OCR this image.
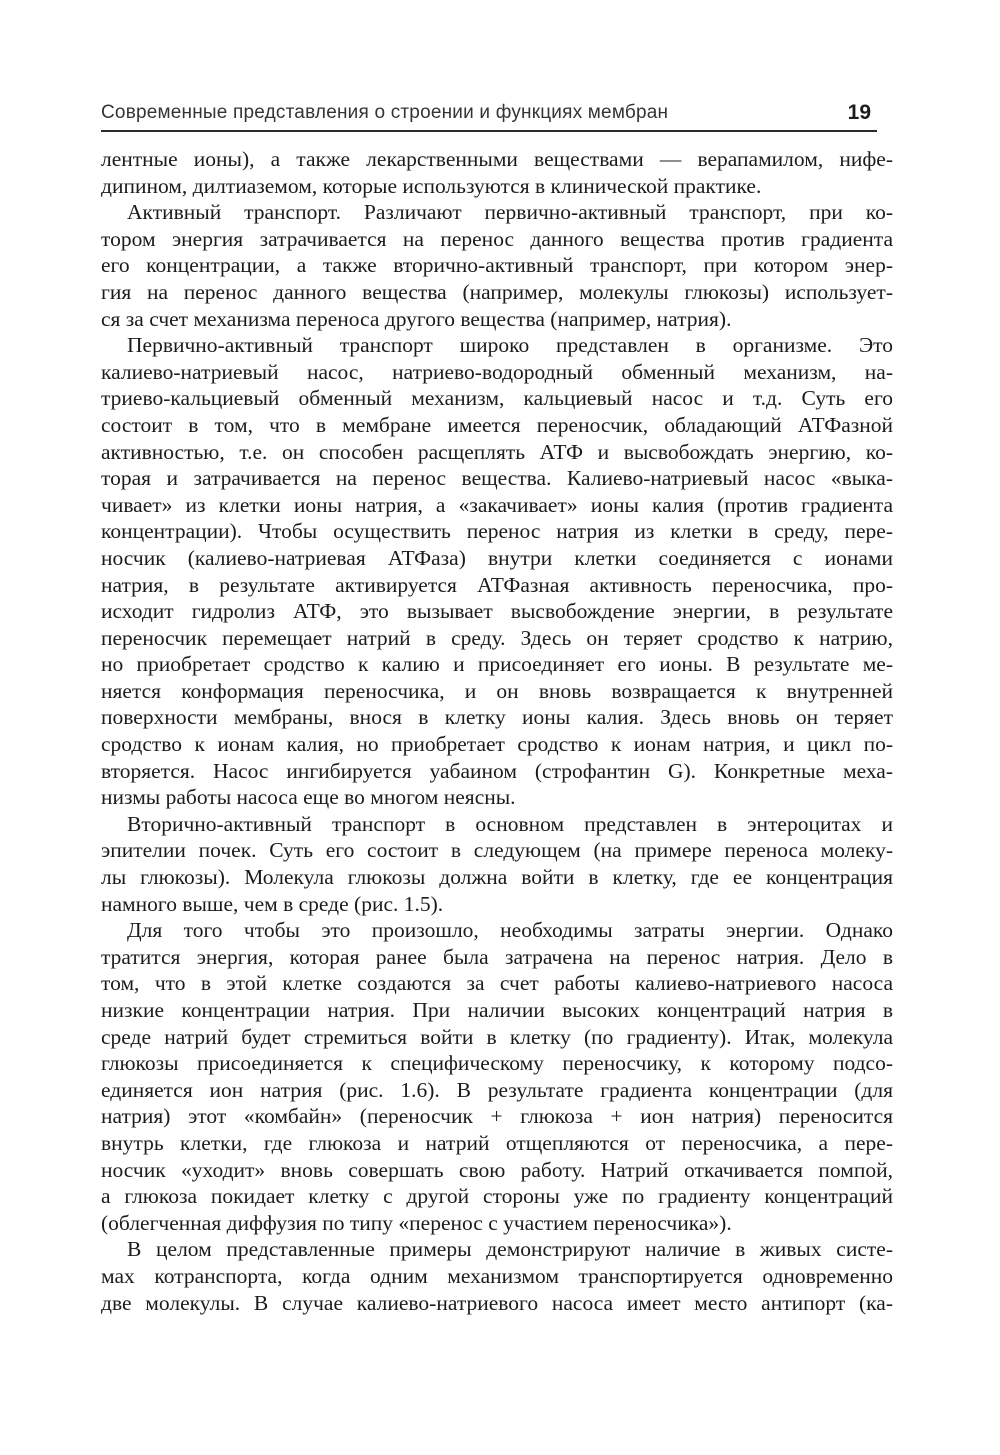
Современные представления о строении и функциях мембран	19
лентные ионы), а также лекарственными веществами — верапамилом, нифе-
дипином, дилтиаземом, которые используются в клинической практике.
Активный транспорт. Различают первично-активный транспорт, при ко-
тором энергия затрачивается на перенос данного вещества против градиента
его концентрации, а также вторично-активный транспорт, при котором энер-
гия на перенос данного вещества (например, молекулы глюкозы) использует-
ся за счет механизма переноса другого вещества (например, натрия).
Первично-активный транспорт широко представлен в организме. Это
калиево-натриевый насос, натриево-водородный обменный механизм, на-
триево-кальциевый обменный механизм, кальциевый насос и т.д. Суть его
состоит в том, что в мембране имеется переносчик, обладающий АТФазной
активностью, т.е. он способен расщеплять АТФ и высвобождать энергию, ко-
торая и затрачивается на перенос вещества. Калиево-натриевый насос «выка-
чивает» из клетки ионы натрия, а «закачивает» ионы калия (против градиента
концентрации). Чтобы осуществить перенос натрия из клетки в среду, пере-
носчик (калиево-натриевая АТФаза) внутри клетки соединяется с ионами
натрия, в результате активируется АТФазная активность переносчика, про-
исходит гидролиз АТФ, это вызывает высвобождение энергии, в результате
переносчик перемещает натрий в среду. Здесь он теряет сродство к натрию,
но приобретает сродство к калию и присоединяет его ионы. В результате ме-
няется конформация переносчика, и он вновь возвращается к внутренней
поверхности мембраны, внося в клетку ионы калия. Здесь вновь он теряет
сродство к ионам калия, но приобретает сродство к ионам натрия, и цикл по-
вторяется. Насос ингибируется уабаином (строфантин G). Конкретные меха-
низмы работы насоса еще во многом неясны.
Вторично-активный транспорт в основном представлен в энтероцитах и
эпителии почек. Суть его состоит в следующем (на примере переноса молеку-
лы глюкозы). Молекула глюкозы должна войти в клетку, где ее концентрация
намного выше, чем в среде (рис. 1.5).
Для того чтобы это произошло, необходимы затраты энергии. Однако
тратится энергия, которая ранее была затрачена на перенос натрия. Дело в
том, что в этой клетке создаются за счет работы калиево-натриевого насоса
низкие концентрации натрия. При наличии высоких концентраций натрия в
среде натрий будет стремиться войти в клетку (по градиенту). Итак, молекула
глюкозы присоединяется к специфическому переносчику, к которому подсо-
единяется ион натрия (рис. 1.6). В результате градиента концентрации (для
натрия) этот «комбайн» (переносчик + глюкоза + ион натрия) переносится
внутрь клетки, где глюкоза и натрий отщепляются от переносчика, а пере-
носчик «уходит» вновь совершать свою работу. Натрий откачивается помпой,
а глюкоза покидает клетку с другой стороны уже по градиенту концентраций
(облегченная диффузия по типу «перенос с участием переносчика»).
В целом представленные примеры демонстрируют наличие в живых систе-
мах котранспорта, когда одним механизмом транспортируется одновременно
две молекулы. В случае калиево-натриевого насоса имеет место антипорт (ка-
